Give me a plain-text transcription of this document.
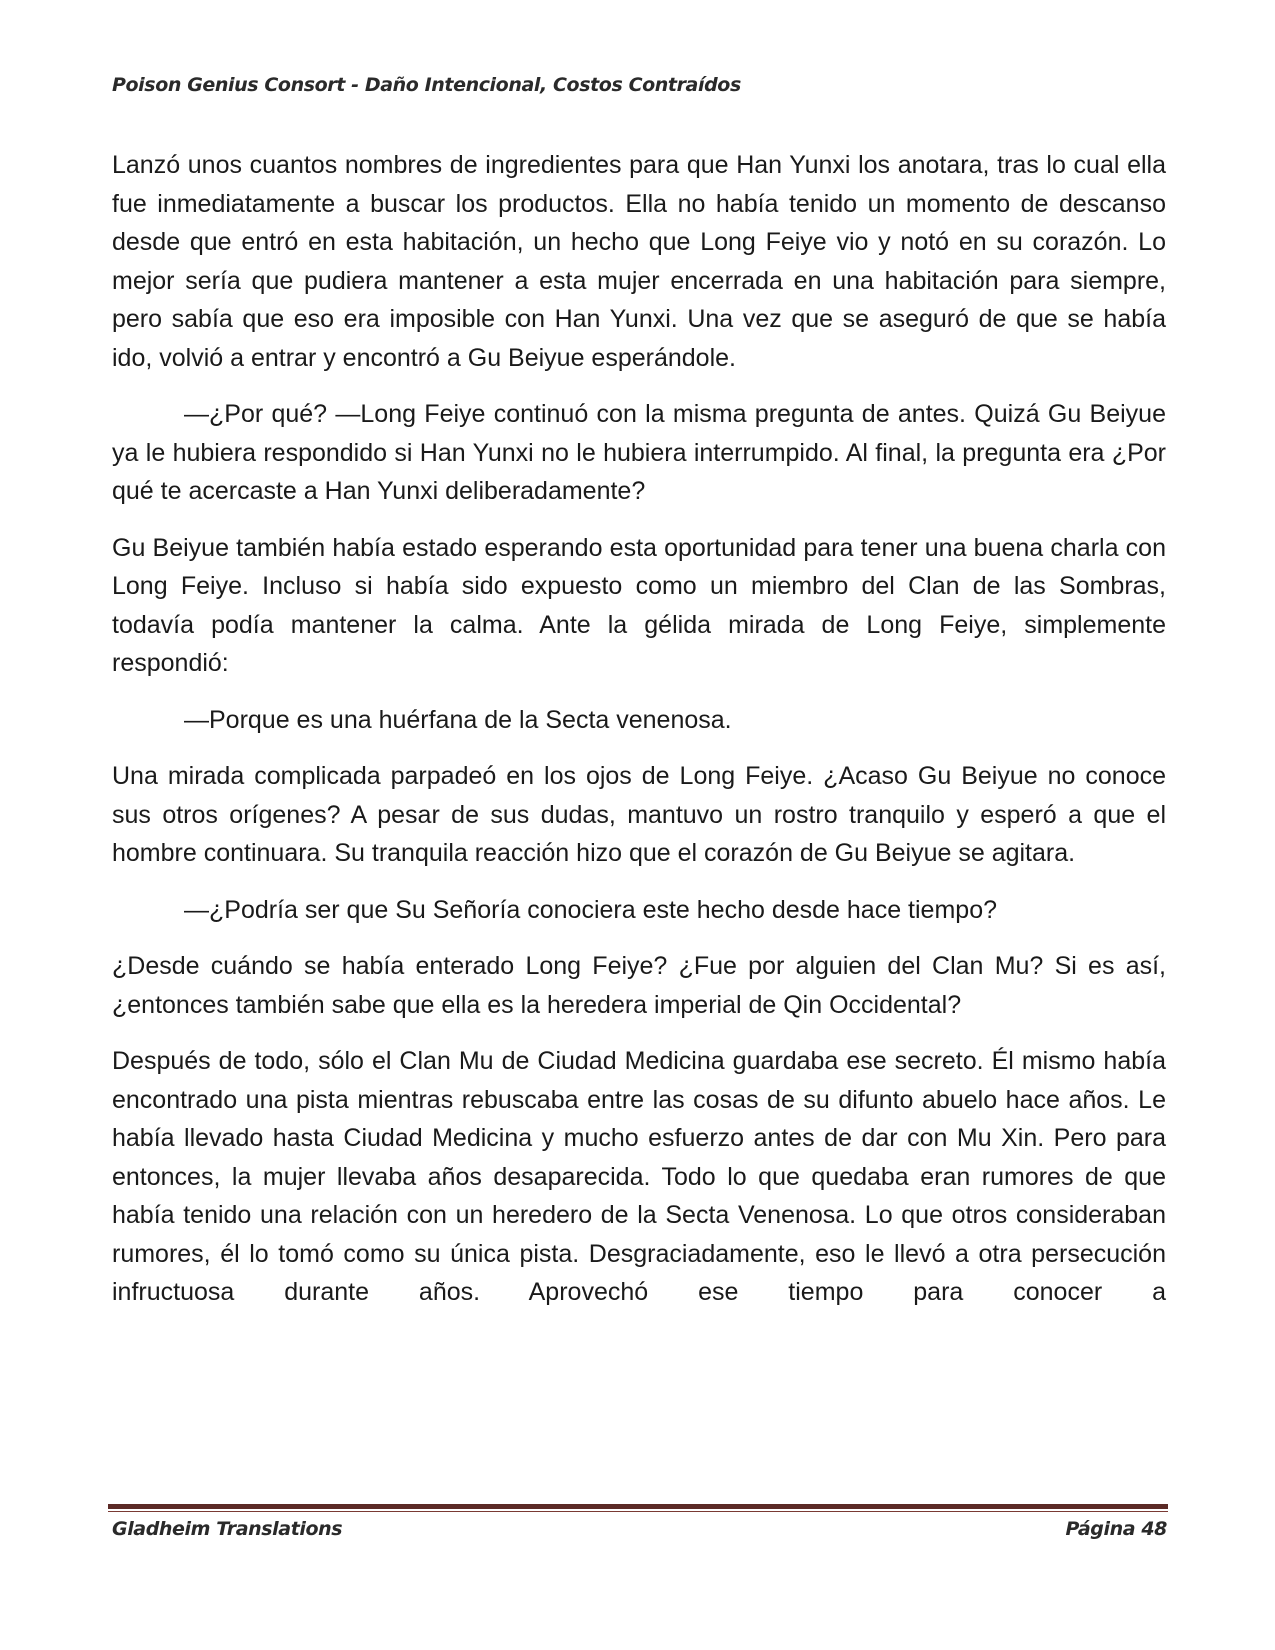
Poison Genius Consort - Daño Intencional, Costos Contraídos

Lanzó unos cuantos nombres de ingredientes para que Han Yunxi los anotara, tras lo cual ella fue inmediatamente a buscar los productos. Ella no había tenido un momento de descanso desde que entró en esta habitación, un hecho que Long Feiye vio y notó en su corazón. Lo mejor sería que pudiera mantener a esta mujer encerrada en una habitación para siempre, pero sabía que eso era imposible con Han Yunxi. Una vez que se aseguró de que se había ido, volvió a entrar y encontró a Gu Beiyue esperándole.

—¿Por qué? —Long Feiye continuó con la misma pregunta de antes. Quizá Gu Beiyue ya le hubiera respondido si Han Yunxi no le hubiera interrumpido. Al final, la pregunta era ¿Por qué te acercaste a Han Yunxi deliberadamente?

Gu Beiyue también había estado esperando esta oportunidad para tener una buena charla con Long Feiye. Incluso si había sido expuesto como un miembro del Clan de las Sombras, todavía podía mantener la calma. Ante la gélida mirada de Long Feiye, simplemente respondió:

—Porque es una huérfana de la Secta venenosa.

Una mirada complicada parpadeó en los ojos de Long Feiye. ¿Acaso Gu Beiyue no conoce sus otros orígenes? A pesar de sus dudas, mantuvo un rostro tranquilo y esperó a que el hombre continuara. Su tranquila reacción hizo que el corazón de Gu Beiyue se agitara.

—¿Podría ser que Su Señoría conociera este hecho desde hace tiempo?

¿Desde cuándo se había enterado Long Feiye? ¿Fue por alguien del Clan Mu? Si es así, ¿entonces también sabe que ella es la heredera imperial de Qin Occidental?

Después de todo, sólo el Clan Mu de Ciudad Medicina guardaba ese secreto. Él mismo había encontrado una pista mientras rebuscaba entre las cosas de su difunto abuelo hace años. Le había llevado hasta Ciudad Medicina y mucho esfuerzo antes de dar con Mu Xin. Pero para entonces, la mujer llevaba años desaparecida. Todo lo que quedaba eran rumores de que había tenido una relación con un heredero de la Secta Venenosa. Lo que otros consideraban rumores, él lo tomó como su única pista. Desgraciadamente, eso le llevó a otra persecución infructuosa durante años. Aprovechó ese tiempo para conocer a

Gladheim Translations	Página 48
